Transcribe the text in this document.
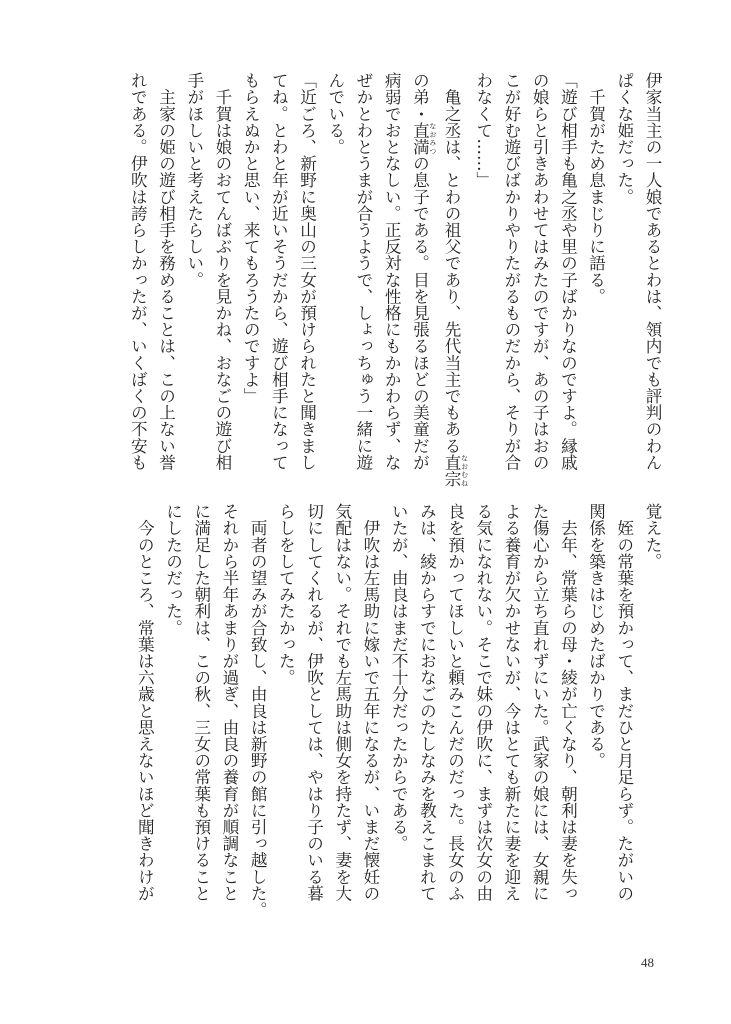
伊家当主の一人娘であるとわは、領内でも評判のわん
ぱくな姫だった。
　千賀がため息まじりに語る。
「遊び相手も亀之丞や里の子ばかりなのですよ。縁戚
の娘らと引きあわせてはみたのですが、あの子はおの
こが好む遊びばかりやりたがるものだから、そりが合
わなくて……」
　亀之丞は、とわの祖父であり、先代当主でもある直宗 なおむね
の弟・直満 なおみつの息子である。目を見張るほどの美童だが
病弱でおとなしい。正反対な性格にもかかわらず、な
ぜかとわとうまが合うようで、しょっちゅう一緒に遊
んでいる。
「近ごろ、新野に奥山の三女が預けられたと聞きまし
てね。とわと年が近いそうだから、遊び相手になって
もらえぬかと思い、来てもろうたのですよ」
　千賀は娘のおてんばぶりを見かね、おなごの遊び相
手がほしいと考えたらしい。
　主家の姫の遊び相手を務めることは、この上ない誉
れである。伊吹は誇らしかったが、いくばくの不安も
覚えた。
　姪の常葉を預かって、まだひと月足らず。たがいの
関係を築きはじめたばかりである。
　去年、常葉らの母・綾が亡くなり、朝利は妻を失っ
た傷心から立ち直れずにいた。武家の娘には、女親に
よる養育が欠かせないが、今はとても新たに妻を迎え
る気になれない。そこで妹の伊吹に、まずは次女の由
良を預かってほしいと頼みこんだのだった。長女のふ
みは、綾からすでにおなごのたしなみを教えこまれて
いたが、由良はまだ不十分だったからである。
　伊吹は左馬助に嫁いで五年になるが、いまだ懐妊の
気配はない。それでも左馬助は側女を持たず、妻を大
切にしてくれるが、伊吹としては、やはり子のいる暮
らしをしてみたかった。
　両者の望みが合致し、由良は新野の館に引っ越した。
それから半年あまりが過ぎ、由良の養育が順調なこと
に満足した朝利は、この秋、三女の常葉も預けること
にしたのだった。
　今のところ、常葉は六歳と思えないほど聞きわけが
48
